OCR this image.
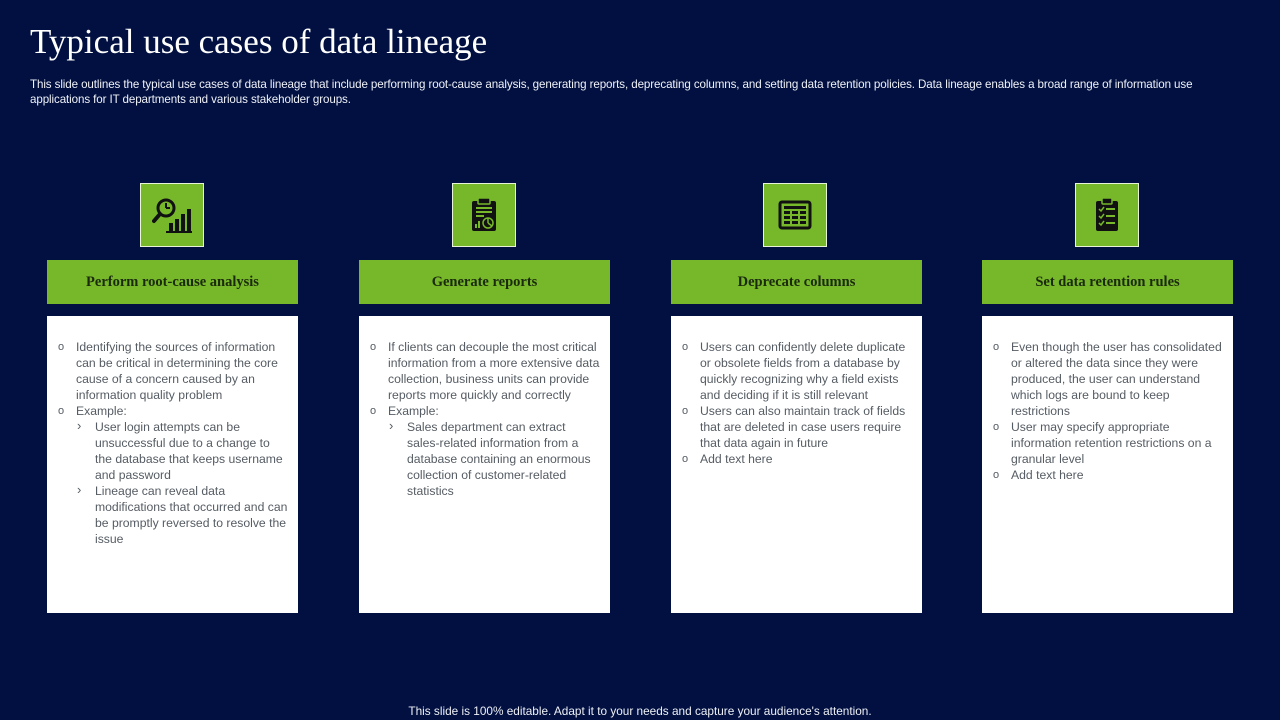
Typical use cases of data lineage

This slide outlines the typical use cases of data lineage that include performing root-cause analysis, generating reports, deprecating columns, and setting data retention policies. Data lineage enables a broad range of information use applications for IT departments and various stakeholder groups.

Perform root-cause analysis
o Identifying the sources of information can be critical in determining the core cause of a concern caused by an information quality problem
o Example:
› User login attempts can be unsuccessful due to a change to the database that keeps username and password
› Lineage can reveal data modifications that occurred and can be promptly reversed to resolve the issue
Generate reports
o If clients can decouple the most critical information from a more extensive data collection, business units can provide reports more quickly and correctly
o Example:
› Sales department can extract sales-related information from a database containing an enormous collection of customer-related statistics
Deprecate columns
o Users can confidently delete duplicate or obsolete fields from a database by quickly recognizing why a field exists and deciding if it is still relevant
o Users can also maintain track of fields that are deleted in case users require that data again in future
o Add text here
Set data retention rules
o Even though the user has consolidated or altered the data since they were produced, the user can understand which logs are bound to keep restrictions
o User may specify appropriate information retention restrictions on a granular level
o Add text here
This slide is 100% editable. Adapt it to your needs and capture your audience's attention.
